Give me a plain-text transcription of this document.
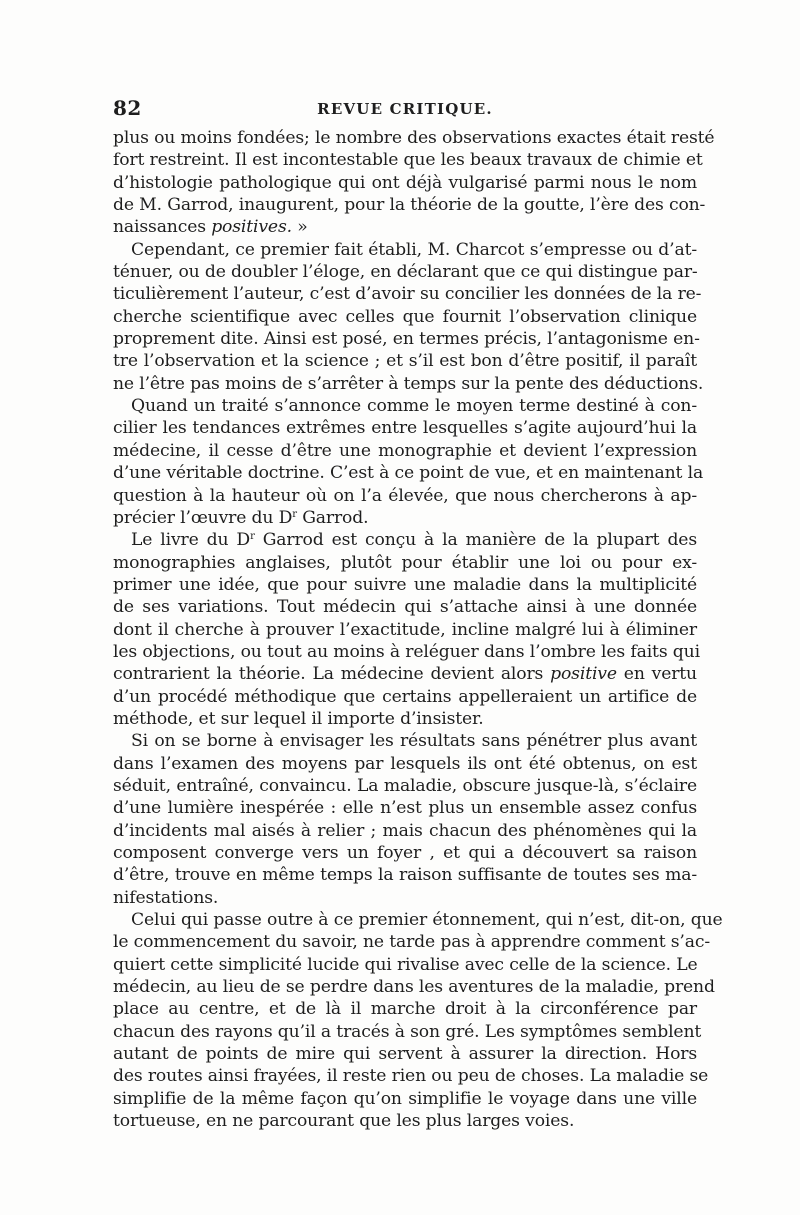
82	REVUE CRITIQUE.

plus ou moins fondées; le nombre des observations exactes était resté
fort restreint. Il est incontestable que les beaux travaux de chimie et
d’histologie pathologique qui ont déjà vulgarisé parmi nous le nom
de M. Garrod, inaugurent, pour la théorie de la goutte, l’ère des con-
naissances positives. »

Cependant, ce premier fait établi, M. Charcot s’empresse ou d’at-
ténuer, ou de doubler l’éloge, en déclarant que ce qui distingue par-
ticulièrement l’auteur, c’est d’avoir su concilier les données de la re-
cherche scientifique avec celles que fournit l’observation clinique
proprement dite. Ainsi est posé, en termes précis, l’antagonisme en-
tre l’observation et la science ; et s’il est bon d’être positif, il paraît
ne l’être pas moins de s’arrêter à temps sur la pente des déductions.

Quand un traité s’annonce comme le moyen terme destiné à con-
cilier les tendances extrêmes entre lesquelles s’agite aujourd’hui la
médecine, il cesse d’être une monographie et devient l’expression
d’une véritable doctrine. C’est à ce point de vue, et en maintenant la
question à la hauteur où on l’a élevée, que nous chercherons à ap-
précier l’œuvre du $D^r$ Garrod.

Le livre du $D^r$ Garrod est conçu à la manière de la plupart des
monographies anglaises, plutôt pour établir une loi ou pour ex-
primer une idée, que pour suivre une maladie dans la multiplicité
de ses variations. Tout médecin qui s’attache ainsi à une donnée
dont il cherche à prouver l’exactitude, incline malgré lui à éliminer
les objections, ou tout au moins à reléguer dans l’ombre les faits qui
contrarient la théorie. La médecine devient alors positive en vertu
d’un procédé méthodique que certains appelleraient un artifice de
méthode, et sur lequel il importe d’insister.

Si on se borne à envisager les résultats sans pénétrer plus avant
dans l’examen des moyens par lesquels ils ont été obtenus, on est
séduit, entraîné, convaincu. La maladie, obscure jusque-là, s’éclaire
d’une lumière inespérée : elle n’est plus un ensemble assez confus
d’incidents mal aisés à relier ; mais chacun des phénomènes qui la
composent converge vers un foyer , et qui a découvert sa raison
d’être, trouve en même temps la raison suffisante de toutes ses ma-
nifestations.

Celui qui passe outre à ce premier étonnement, qui n’est, dit-on, que
le commencement du savoir, ne tarde pas à apprendre comment s’ac-
quiert cette simplicité lucide qui rivalise avec celle de la science. Le
médecin, au lieu de se perdre dans les aventures de la maladie, prend
place au centre, et de là il marche droit à la circonférence par
chacun des rayons qu’il a tracés à son gré. Les symptômes semblent
autant de points de mire qui servent à assurer la direction. Hors
des routes ainsi frayées, il reste rien ou peu de choses. La maladie se
simplifie de la même façon qu’on simplifie le voyage dans une ville
tortueuse, en ne parcourant que les plus larges voies.
